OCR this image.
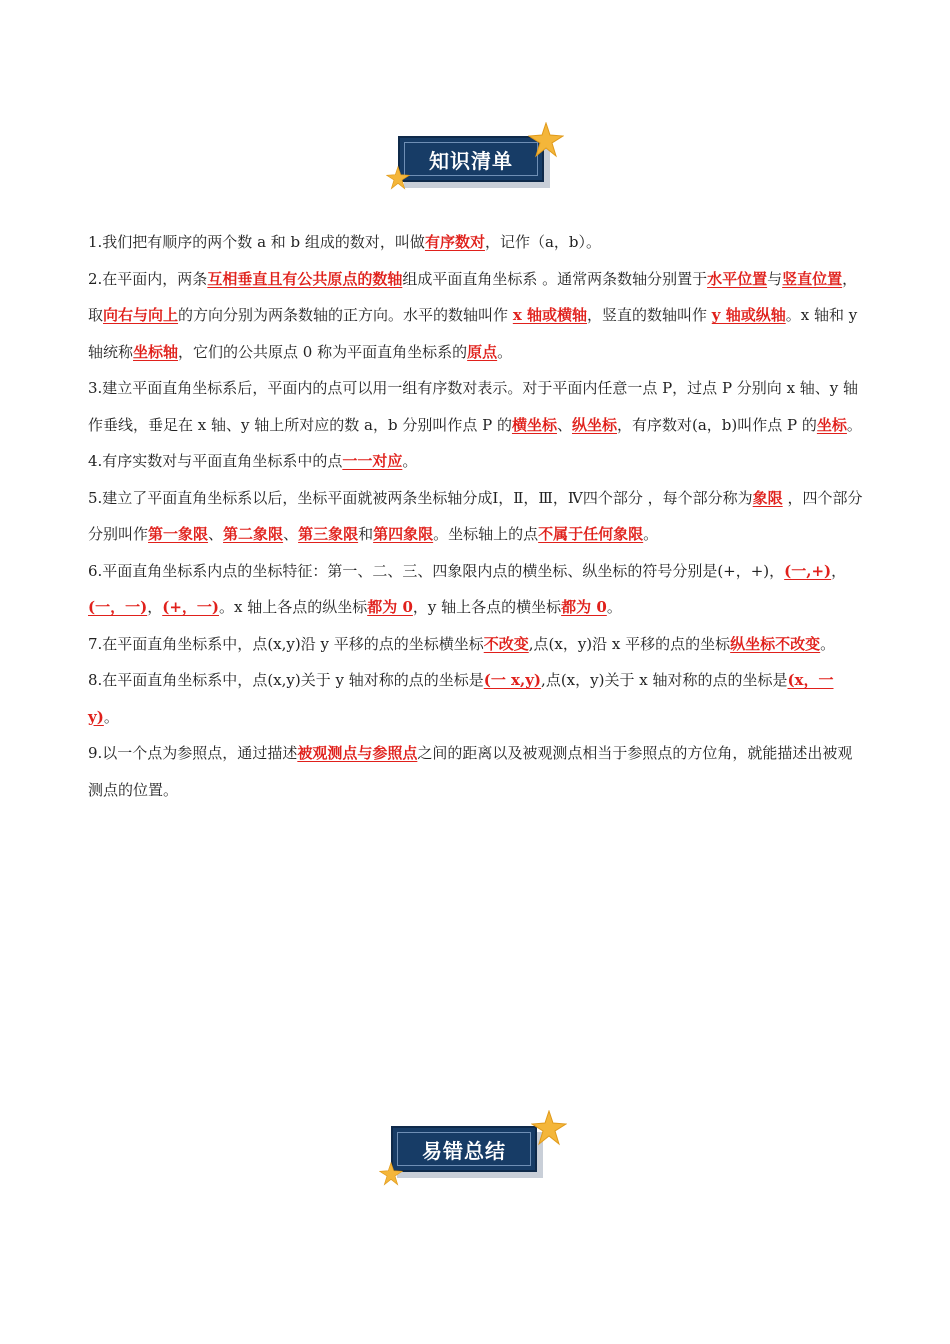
知识清单

1.我们把有顺序的两个数 a 和 b 组成的数对，叫做有序数对，记作（a，b）。

2.在平面内，两条互相垂直且有公共原点的数轴组成平面直角坐标系 。通常两条数轴分别置于水平位置与竖直位置，取向右与向上的方向分别为两条数轴的正方向。水平的数轴叫作 x 轴或横轴，竖直的数轴叫作 y 轴或纵轴。x 轴和 y 轴统称坐标轴，它们的公共原点 0 称为平面直角坐标系的原点。

3.建立平面直角坐标系后，平面内的点可以用一组有序数对表示。对于平面内任意一点 P，过点 P 分别向 x 轴、y 轴作垂线，垂足在 x 轴、y 轴上所对应的数 a，b 分别叫作点 P 的横坐标、纵坐标，有序数对(a，b)叫作点 P 的坐标。

4.有序实数对与平面直角坐标系中的点一一对应。

5.建立了平面直角坐标系以后，坐标平面就被两条坐标轴分成Ⅰ，Ⅱ，Ⅲ，Ⅳ四个部分 ，每个部分称为象限 ，四个部分分别叫作第一象限、第二象限、第三象限和第四象限。坐标轴上的点不属于任何象限。

6.平面直角坐标系内点的坐标特征：第一、二、三、四象限内点的横坐标、纵坐标的符号分别是(+，+)，(一,+)，(一，一)，(+，一)。x 轴上各点的纵坐标都为 0，y 轴上各点的横坐标都为 0。

7.在平面直角坐标系中，点(x,y)沿 y 平移的点的坐标横坐标不改变,点(x，y)沿 x 平移的点的坐标纵坐标不改变。

8.在平面直角坐标系中，点(x,y)关于 y 轴对称的点的坐标是(一 x,y),点(x，y)关于 x 轴对称的点的坐标是(x，一 y)。

9.以一个点为参照点，通过描述被观测点与参照点之间的距离以及被观测点相当于参照点的方位角，就能描述出被观测点的位置。

易错总结
